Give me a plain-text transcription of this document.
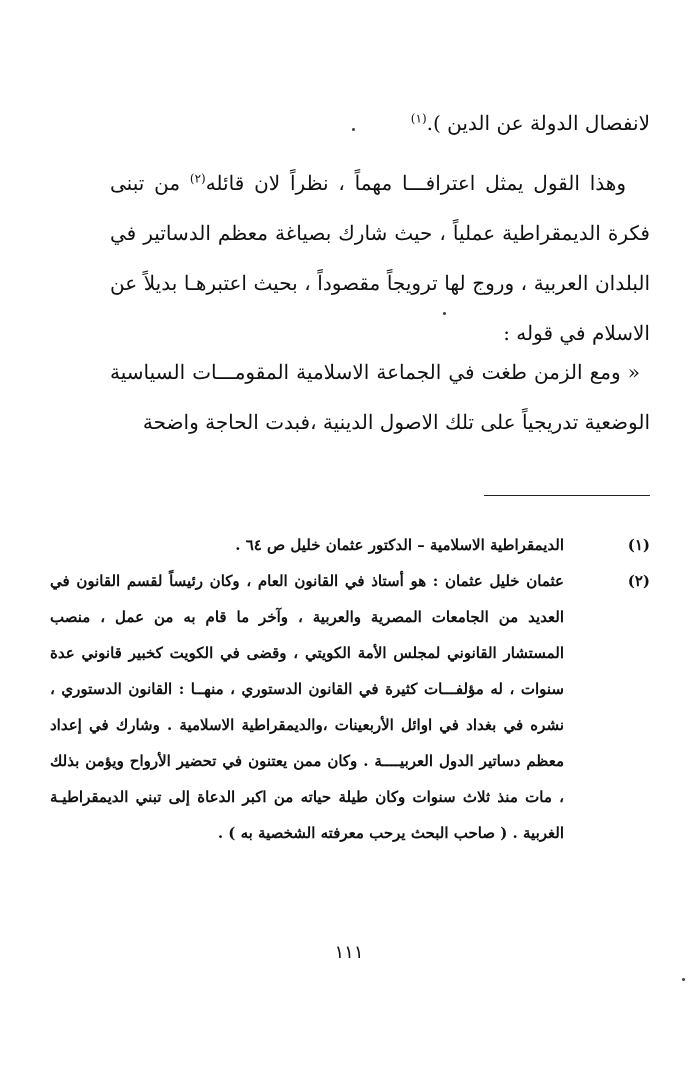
لانفصال الدولة عن الدين ).$^{(١)}$

وهذا القول يمثل اعترافـــا مهماً ، نظراً لان قائله$^{(٢)}$ من تبنى فكرة الديمقراطية عملياً ، حيث شارك بصياغة معظم الدساتير في البلدان العربية ، وروج لها ترويجاً مقصوداً ، بحيث اعتبرهـا بديلاً عن الاسلام في قوله :

« ومع الزمن طغت في الجماعة الاسلامية المقومـــات السياسية الوضعية تدريجياً على تلك الاصول الدينية ،فبدت الحاجة واضحة

(١)
الديمقراطية الاسلامية – الدكتور عثمان خليل ص ٦٤ .
(٢)
عثمان خليل عثمان : هو أستاذ في القانون العام ، وكان رئيساً لقسم القانون في العديد من الجامعات المصرية والعربية ، وآخر ما قام به من عمل ، منصب المستشار القانوني لمجلس الأمة الكويتي ، وقضى في الكويت كخبير قانوني عدة سنوات ، له مؤلفـــات كثيرة في القانون الدستوري ، منهــا : القانون الدستوري ، نشره في بغداد في اوائل الأربعينات ،والديمقراطية الاسلامية . وشارك في إعداد معظم دساتير الدول العربيــــة . وكان ممن يعتنون في تحضير الأرواح ويؤمن بذلك ، مات منذ ثلاث سنوات وكان طيلة حياته من اكبر الدعاة إلى تبني الديمقراطيـة الغربية . ( صاحب البحث يرحب معرفته الشخصية به ) .
١١١
